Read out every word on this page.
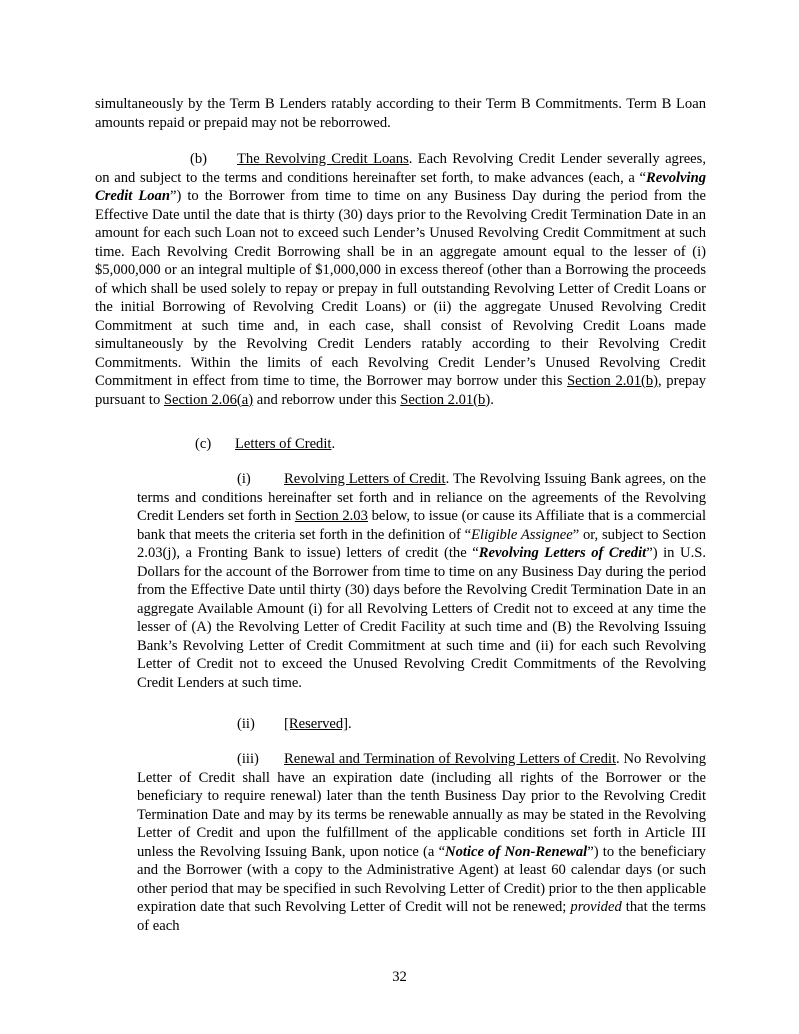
simultaneously by the Term B Lenders ratably according to their Term B Commitments. Term B Loan amounts repaid or prepaid may not be reborrowed.

(b) The Revolving Credit Loans. Each Revolving Credit Lender severally agrees, on and subject to the terms and conditions hereinafter set forth, to make advances (each, a “Revolving Credit Loan”) to the Borrower from time to time on any Business Day during the period from the Effective Date until the date that is thirty (30) days prior to the Revolving Credit Termination Date in an amount for each such Loan not to exceed such Lender’s Unused Revolving Credit Commitment at such time. Each Revolving Credit Borrowing shall be in an aggregate amount equal to the lesser of (i) $5,000,000 or an integral multiple of $1,000,000 in excess thereof (other than a Borrowing the proceeds of which shall be used solely to repay or prepay in full outstanding Revolving Letter of Credit Loans or the initial Borrowing of Revolving Credit Loans) or (ii) the aggregate Unused Revolving Credit Commitment at such time and, in each case, shall consist of Revolving Credit Loans made simultaneously by the Revolving Credit Lenders ratably according to their Revolving Credit Commitments. Within the limits of each Revolving Credit Lender’s Unused Revolving Credit Commitment in effect from time to time, the Borrower may borrow under this Section 2.01(b), prepay pursuant to Section 2.06(a) and reborrow under this Section 2.01(b).

(c) Letters of Credit.

(i) Revolving Letters of Credit. The Revolving Issuing Bank agrees, on the terms and conditions hereinafter set forth and in reliance on the agreements of the Revolving Credit Lenders set forth in Section 2.03 below, to issue (or cause its Affiliate that is a commercial bank that meets the criteria set forth in the definition of “Eligible Assignee” or, subject to Section 2.03(j), a Fronting Bank to issue) letters of credit (the “Revolving Letters of Credit”) in U.S. Dollars for the account of the Borrower from time to time on any Business Day during the period from the Effective Date until thirty (30) days before the Revolving Credit Termination Date in an aggregate Available Amount (i) for all Revolving Letters of Credit not to exceed at any time the lesser of (A) the Revolving Letter of Credit Facility at such time and (B) the Revolving Issuing Bank’s Revolving Letter of Credit Commitment at such time and (ii) for each such Revolving Letter of Credit not to exceed the Unused Revolving Credit Commitments of the Revolving Credit Lenders at such time.

(ii) [Reserved].

(iii) Renewal and Termination of Revolving Letters of Credit. No Revolving Letter of Credit shall have an expiration date (including all rights of the Borrower or the beneficiary to require renewal) later than the tenth Business Day prior to the Revolving Credit Termination Date and may by its terms be renewable annually as may be stated in the Revolving Letter of Credit and upon the fulfillment of the applicable conditions set forth in Article III unless the Revolving Issuing Bank, upon notice (a “Notice of Non-Renewal”) to the beneficiary and the Borrower (with a copy to the Administrative Agent) at least 60 calendar days (or such other period that may be specified in such Revolving Letter of Credit) prior to the then applicable expiration date that such Revolving Letter of Credit will not be renewed; provided that the terms of each

32
